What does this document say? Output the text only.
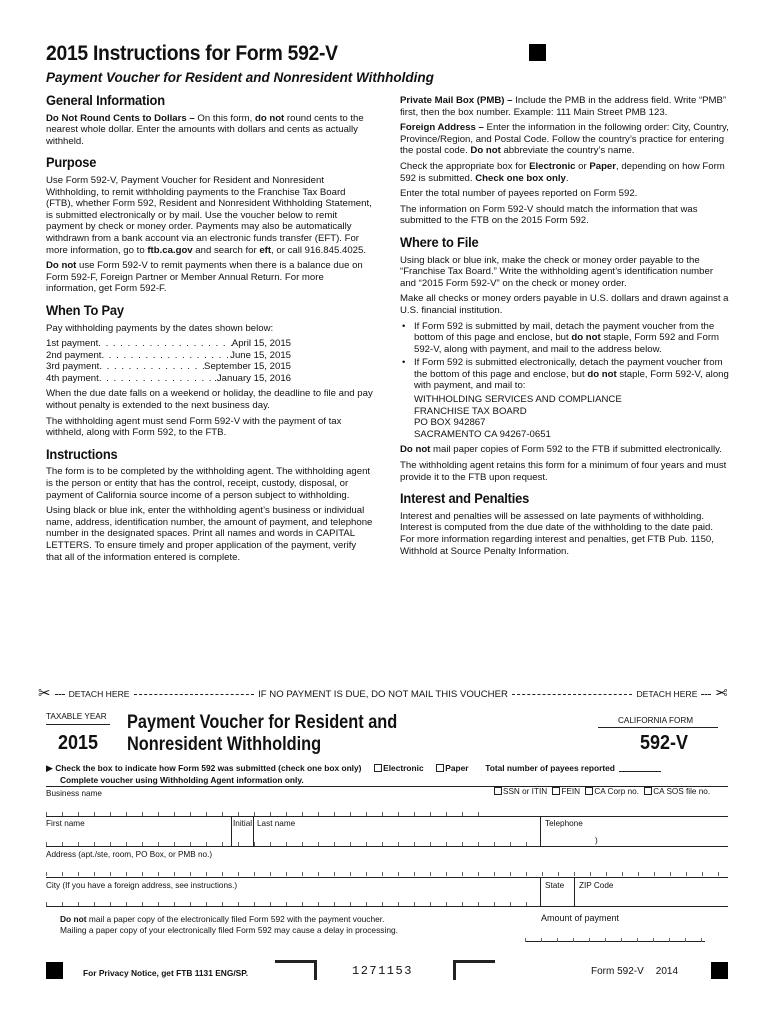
2015 Instructions for Form 592-V
Payment Voucher for Resident and Nonresident Withholding
General Information

Do Not Round Cents to Dollars – On this form, do not round cents to the nearest whole dollar. Enter the amounts with dollars and cents as actually withheld.

Purpose

Use Form 592-V, Payment Voucher for Resident and Nonresident Withholding, to remit withholding payments to the Franchise Tax Board (FTB), whether Form 592, Resident and Nonresident Withholding Statement, is submitted electronically or by mail. Use the voucher below to remit payment by check or money order. Payments may also be automatically withdrawn from a bank account via an electronic funds transfer (EFT). For more information, go to ftb.ca.gov and search for eft, or call 916.845.4025.

Do not use Form 592-V to remit payments when there is a balance due on Form 592-F, Foreign Partner or Member Annual Return. For more information, get Form 592-F.

When To Pay

Pay withholding payments by the dates shown below:

1st payment . . .	April 15, 2015
2nd payment . . .	June 15, 2015
3rd payment . . .	September 15, 2015
4th payment . . .	.January 15, 2016

When the due date falls on a weekend or holiday, the deadline to file and pay without penalty is extended to the next business day.

The withholding agent must send Form 592-V with the payment of tax withheld, along with Form 592, to the FTB.

Instructions

The form is to be completed by the withholding agent. The withholding agent is the person or entity that has the control, receipt, custody, disposal, or payment of California source income of a person subject to withholding.

Using black or blue ink, enter the withholding agent’s business or individual name, address, identification number, the amount of payment, and telephone number in the designated spaces. Print all names and words in CAPITAL LETTERS. To ensure timely and proper application of the payment, verify that all of the information entered is complete.

Private Mail Box (PMB) – Include the PMB in the address field. Write “PMB” first, then the box number. Example: 111 Main Street PMB 123.

Foreign Address – Enter the information in the following order: City, Country, Province/Region, and Postal Code. Follow the country’s practice for entering the postal code. Do not abbreviate the country’s name.

Check the appropriate box for Electronic or Paper, depending on how Form 592 is submitted. Check one box only.

Enter the total number of payees reported on Form 592.

The information on Form 592-V should match the information that was submitted to the FTB on the 2015 Form 592.

Where to File

Using black or blue ink, make the check or money order payable to the “Franchise Tax Board.” Write the withholding agent’s identification number and “2015 Form 592-V” on the check or money order.

Make all checks or money orders payable in U.S. dollars and drawn against a U.S. financial institution.

• If Form 592 is submitted by mail, detach the payment voucher from the bottom of this page and enclose, but do not staple, Form 592 and Form 592-V, along with payment, and mail to the address below.
• If Form 592 is submitted electronically, detach the payment voucher from the bottom of this page and enclose, but do not staple, Form 592-V, along with payment, and mail to:
WITHHOLDING SERVICES AND COMPLIANCE
FRANCHISE TAX BOARD
PO BOX 942867
SACRAMENTO CA 94267-0651

Do not mail paper copies of Form 592 to the FTB if submitted electronically.

The withholding agent retains this form for a minimum of four years and must provide it to the FTB upon request.

Interest and Penalties

Interest and penalties will be assessed on late payments of withholding. Interest is computed from the due date of the withholding to the date paid. For more information regarding interest and penalties, get FTB Pub. 1150, Withhold at Source Penalty Information.

✂ DETACH HERE	IF NO PAYMENT IS DUE, DO NOT MAIL THIS VOUCHER	DETACH HERE ✂
TAXABLE YEAR
2015
Payment Voucher for Resident and
Nonresident Withholding
CALIFORNIA FORM
592-V
▶ Check the box to indicate how Form 592 was submitted (check one box only)	Electronic	Paper Total number of payees reported
Complete voucher using Withholding Agent information only.
Business name	SSN or ITIN FEIN CA Corp no. CA SOS file no.
First name	Initial Last name	Telephone
)
Address (apt./ste, room, PO Box, or PMB no.)
City (If you have a foreign address, see instructions.)	State ZIP Code
Do not mail a paper copy of the electronically filed Form 592 with the payment voucher.
Mailing a paper copy of your electronically filed Form 592 may cause a delay in processing.
Amount of payment
For Privacy Notice, get FTB 1131 ENG/SP.	1271153	Form 592-V 2014
